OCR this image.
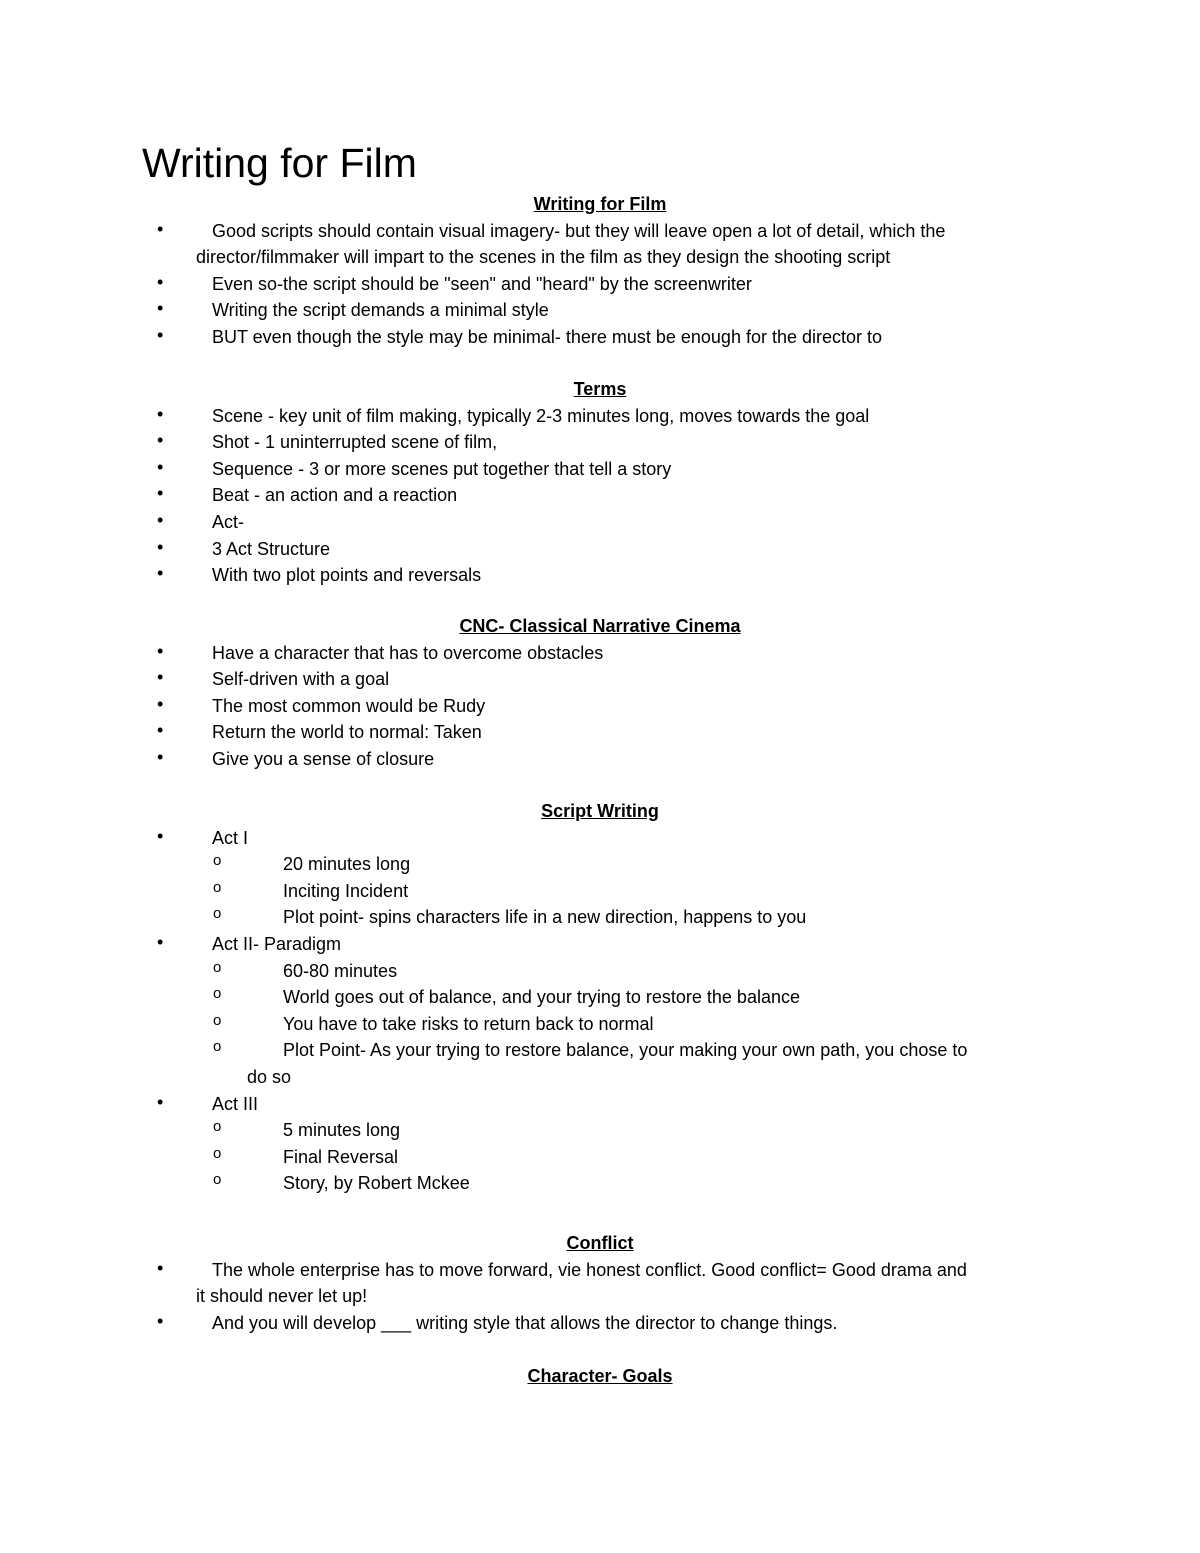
Writing for Film
Writing for Film
•	Good scripts should contain visual imagery- but they will leave open a lot of detail, which the
director/filmmaker will impart to the scenes in the film as they design the shooting script
•	Even so-the script should be "seen" and "heard" by the screenwriter
•	Writing the script demands a minimal style
•	BUT even though the style may be minimal- there must be enough for the director to
Terms
•	Scene - key unit of film making, typically 2-3 minutes long, moves towards the goal
•	Shot - 1 uninterrupted scene of film,
•	Sequence - 3 or more scenes put together that tell a story
•	Beat - an action and a reaction
•	Act-
•	3 Act Structure
•	With two plot points and reversals
CNC- Classical Narrative Cinema
•	Have a character that has to overcome obstacles
•	Self-driven with a goal
•	The most common would be Rudy
•	Return the world to normal: Taken
•	Give you a sense of closure
Script Writing
•	Act I
o	20 minutes long
o	Inciting Incident
o	Plot point- spins characters life in a new direction, happens to you
•	Act II- Paradigm
o	60-80 minutes
o	World goes out of balance, and your trying to restore the balance
o	You have to take risks to return back to normal
o	Plot Point- As your trying to restore balance, your making your own path, you chose to
do so
•	Act III
o	5 minutes long
o	Final Reversal
o	Story, by Robert Mckee
Conflict
•	The whole enterprise has to move forward, vie honest conflict. Good conflict= Good drama and
it should never let up!
•	And you will develop ___ writing style that allows the director to change things.
Character- Goals
